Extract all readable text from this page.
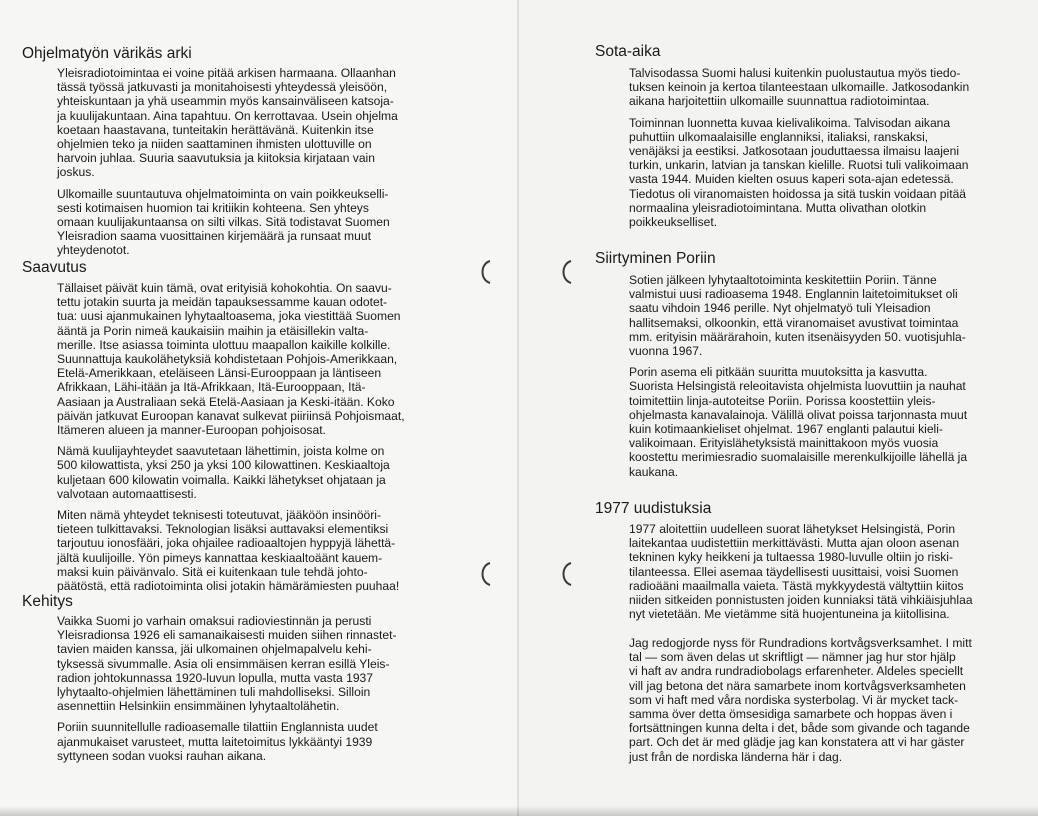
Ohjelmatyön värikäs arki

Yleisradiotoimintaa ei voine pitää arkisen harmaana. Ollaanhan
tässä työssä jatkuvasti ja monitahoisesti yhteydessä yleisöön,
yhteiskuntaan ja yhä useammin myös kansainväliseen katsoja-
ja kuulijakuntaan. Aina tapahtuu. On kerrottavaa. Usein ohjelma
koetaan haastavana, tunteitakin herättävänä. Kuitenkin itse
ohjelmien teko ja niiden saattaminen ihmisten ulottuville on
harvoin juhlaa. Suuria saavutuksia ja kiitoksia kirjataan vain
joskus.

Ulkomaille suuntautuva ohjelmatoiminta on vain poikkeukselli-
sesti kotimaisen huomion tai kritiikin kohteena. Sen yhteys
omaan kuulijakuntaansa on silti vilkas. Sitä todistavat Suomen
Yleisradion saama vuosittainen kirjemäärä ja runsaat muut
yhteydenotot.

Saavutus

Tällaiset päivät kuin tämä, ovat erityisiä kohokohtia. On saavu-
tettu jotakin suurta ja meidän tapauksessamme kauan odotet-
tua: uusi ajanmukainen lyhytaaltoasema, joka viestittää Suomen
ääntä ja Porin nimeä kaukaisiin maihin ja etäisillekin valta-
merille. Itse asiassa toiminta ulottuu maapallon kaikille kolkille.
Suunnattuja kaukolähetyksiä kohdistetaan Pohjois-Amerikkaan,
Etelä-Amerikkaan, eteläiseen Länsi-Eurooppaan ja läntiseen
Afrikkaan, Lähi-itään ja Itä-Afrikkaan, Itä-Eurooppaan, Itä-
Aasiaan ja Australiaan sekä Etelä-Aasiaan ja Keski-itään. Koko
päivän jatkuvat Euroopan kanavat sulkevat piiriinsä Pohjoismaat,
Itämeren alueen ja manner-Euroopan pohjoisosat.

Nämä kuulijayhteydet saavutetaan lähettimin, joista kolme on
500 kilowattista, yksi 250 ja yksi 100 kilowattinen. Keskiaaltoja
kuljetaan 600 kilowatin voimalla. Kaikki lähetykset ohjataan ja
valvotaan automaattisesti.

Miten nämä yhteydet teknisesti toteutuvat, jääköön insinööri-
tieteen tulkittavaksi. Teknologian lisäksi auttavaksi elementiksi
tarjoutuu ionosfääri, joka ohjailee radioaaltojen hyppyjä lähettä-
jältä kuulijoille. Yön pimeys kannattaa keskiaaltoäänt kauem-
maksi kuin päivänvalo. Sitä ei kuitenkaan tule tehdä johto-
päätöstä, että radiotoiminta olisi jotakin hämärämiesten puuhaa!

Kehitys

Vaikka Suomi jo varhain omaksui radioviestinnän ja perusti
Yleisradionsa 1926 eli samanaikaisesti muiden siihen rinnastet-
tavien maiden kanssa, jäi ulkomainen ohjelmapalvelu kehi-
tyksessä sivummalle. Asia oli ensimmäisen kerran esillä Yleis-
radion johtokunnassa 1920-luvun lopulla, mutta vasta 1937
lyhytaalto-ohjelmien lähettäminen tuli mahdolliseksi. Silloin
asennettiin Helsinkiin ensimmäinen lyhytaaltolähetin.

Poriin suunnitellulle radioasemalle tilattiin Englannista uudet
ajanmukaiset varusteet, mutta laitetoimitus lykkääntyi 1939
syttyneen sodan vuoksi rauhan aikana.

Sota-aika

Talvisodassa Suomi halusi kuitenkin puolustautua myös tiedo-
tuksen keinoin ja kertoa tilanteestaan ulkomaille. Jatkosodankin
aikana harjoitettiin ulkomaille suunnattua radiotoimintaa.

Toiminnan luonnetta kuvaa kielivalikoima. Talvisodan aikana
puhuttiin ulkomaalaisille englanniksi, italiaksi, ranskaksi,
venäjäksi ja eestiksi. Jatkosotaan jouduttaessa ilmaisu laajeni
turkin, unkarin, latvian ja tanskan kielille. Ruotsi tuli valikoimaan
vasta 1944. Muiden kielten osuus kaperi sota-ajan edetessä.
Tiedotus oli viranomaisten hoidossa ja sitä tuskin voidaan pitää
normaalina yleisradiotoimintana. Mutta olivathan olotkin
poikkeukselliset.

Siirtyminen Poriin

Sotien jälkeen lyhytaaltotoiminta keskitettiin Poriin. Tänne
valmistui uusi radioasema 1948. Englannin laitetoimitukset oli
saatu vihdoin 1946 perille. Nyt ohjelmatyö tuli Yleisadion
hallitsemaksi, olkoonkin, että viranomaiset avustivat toimintaa
mm. erityisin määrärahoin, kuten itsenäisyyden 50. vuotisjuhla-
vuonna 1967.

Porin asema eli pitkään suuritta muutoksitta ja kasvutta.
Suorista Helsingistä releoitavista ohjelmista luovuttiin ja nauhat
toimitettiin linja-autoteitse Poriin. Porissa koostettiin yleis-
ohjelmasta kanavalainoja. Välillä olivat poissa tarjonnasta muut
kuin kotimaankieliset ohjelmat. 1967 englanti palautui kieli-
valikoimaan. Erityislähetyksistä mainittakoon myös vuosia
koostettu merimiesradio suomalaisille merenkulkijoille lähellä ja
kaukana.

1977 uudistuksia

1977 aloitettiin uudelleen suorat lähetykset Helsingistä, Porin
laitekantaa uudistettiin merkittävästi. Mutta ajan oloon asenan
tekninen kyky heikkeni ja tultaessa 1980-luvulle oltiin jo riski-
tilanteessa. Ellei asemaa täydellisesti uusittaisi, voisi Suomen
radioääni maailmalla vaieta. Tästä mykkyydestä vältyttiin kiitos
niiden sitkeiden ponnistusten joiden kunniaksi tätä vihkiäisjuhlaa
nyt vietetään. Me vietämme sitä huojentuneina ja kiitollisina.

Jag redogjorde nyss för Rundradions kortvågsverksamhet. I mitt
tal — som även delas ut skriftligt — nämner jag hur stor hjälp
vi haft av andra rundradiobolags erfarenheter. Aldeles speciellt
vill jag betona det nära samarbete inom kortvågsverksamheten
som vi haft med våra nordiska systerbolag. Vi är mycket tack-
samma över detta ömsesidiga samarbete och hoppas även i
fortsättningen kunna delta i det, både som givande och tagande
part. Och det är med glädje jag kan konstatera att vi har gäster
just från de nordiska länderna här i dag.
